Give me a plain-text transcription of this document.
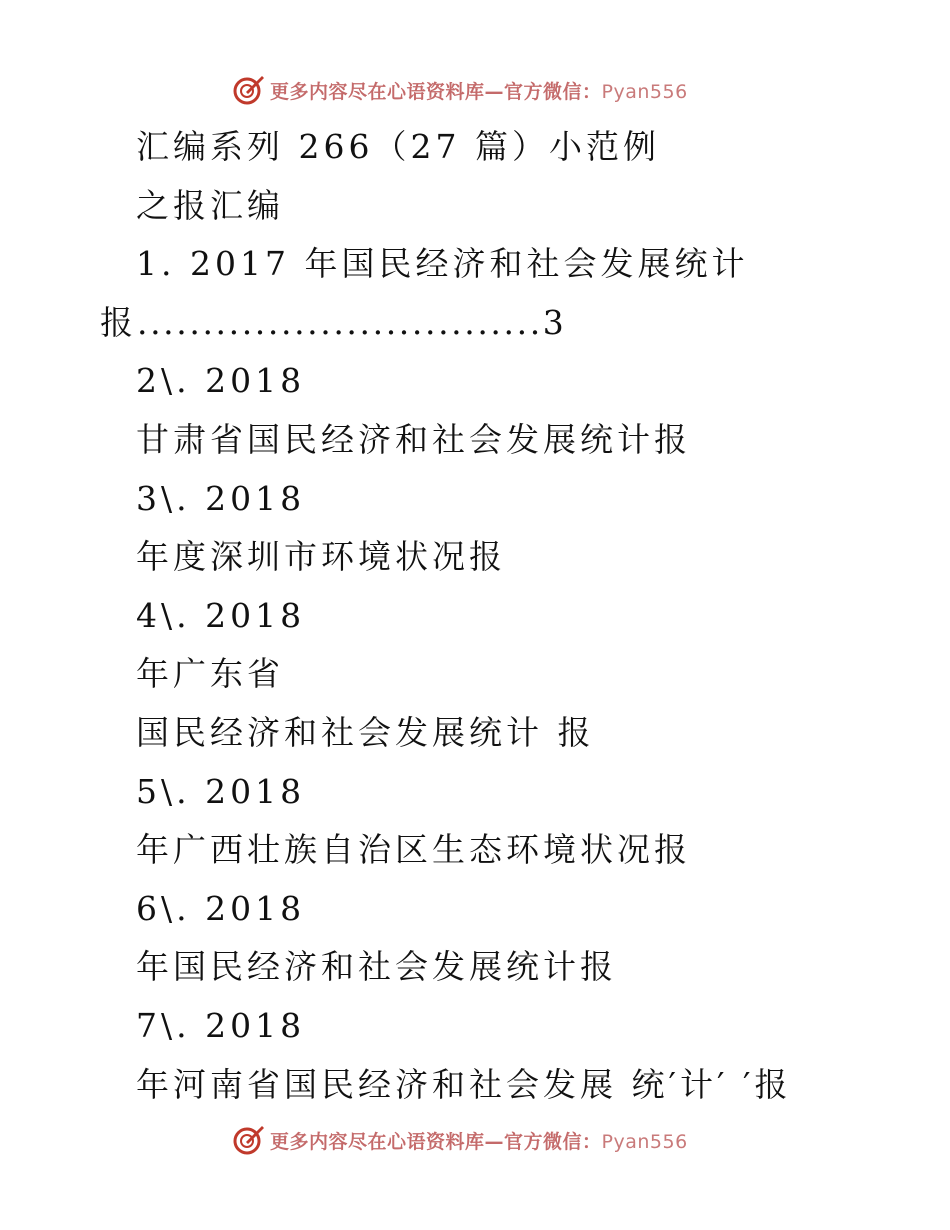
更多内容尽在心语资料库—官方微信：Pyan556
汇编系列 266（27 篇）小范例
之报汇编
1. 2017 年国民经济和社会发展统计
报...............................3
2\. 2018
甘肃省国民经济和社会发展统计报
3\. 2018
年度深圳市环境状况报
4\. 2018
年广东省
国民经济和社会发展统计 报
5\. 2018
年广西壮族自治区生态环境状况报
6\. 2018
年国民经济和社会发展统计报
7\. 2018
年河南省国民经济和社会发展 统′计′ ′报
更多内容尽在心语资料库—官方微信：Pyan556
